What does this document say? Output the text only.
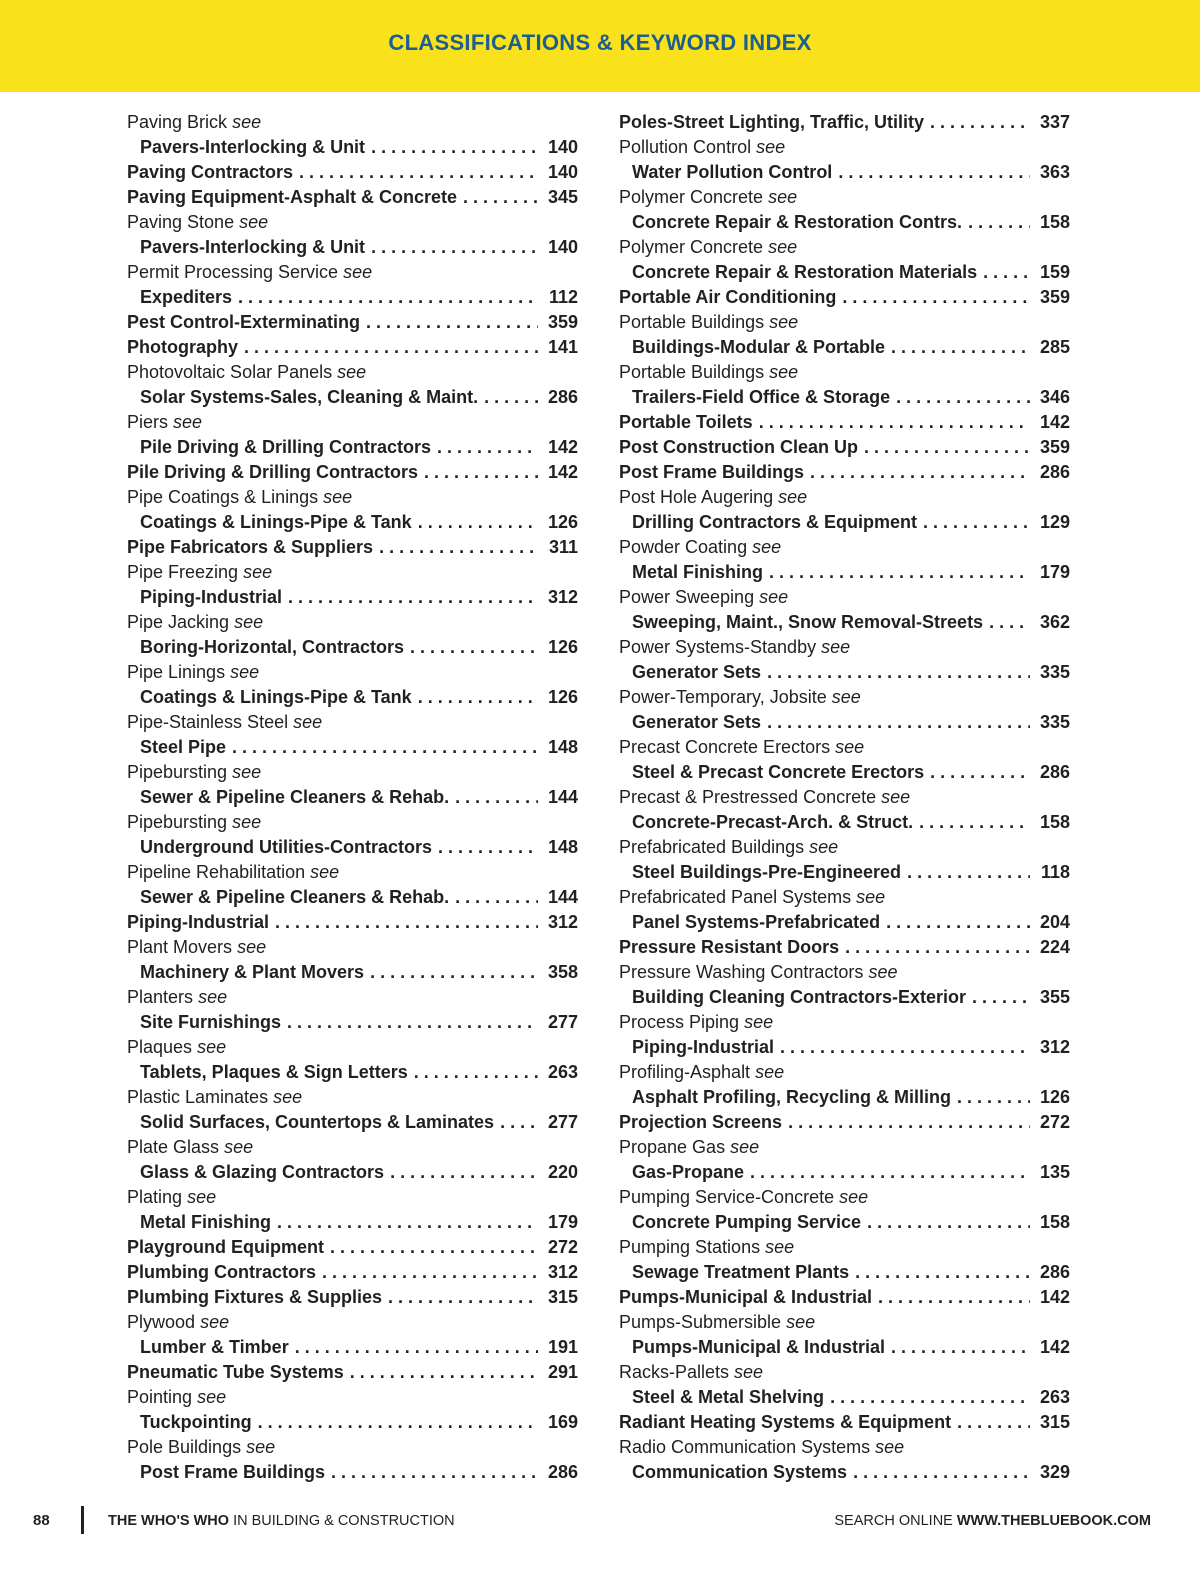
CLASSIFICATIONS & KEYWORD INDEX
Paving Brick
see
Pavers-Interlocking & Unit . . .	140
Paving Contractors . . .	140
Paving Equipment-Asphalt & Concrete . . .	345
Paving Stone
see
Pavers-Interlocking & Unit . . .	140
Permit Processing Service
see
Expediters . . .	112
Pest Control-Exterminating . . .	359
Photography . . .	141
Photovoltaic Solar Panels
see
Solar Systems-Sales, Cleaning & Maint. . . .	286
Piers
see
Pile Driving & Drilling Contractors . . .	142
Pile Driving & Drilling Contractors . . .	142
Pipe Coatings & Linings
see
Coatings & Linings-Pipe & Tank . . .	126
Pipe Fabricators & Suppliers . . .	311
Pipe Freezing
see
Piping-Industrial . . .	312
Pipe Jacking
see
Boring-Horizontal, Contractors . . .	126
Pipe Linings
see
Coatings & Linings-Pipe & Tank . . .	126
Pipe-Stainless Steel
see
Steel Pipe . . .	148
Pipebursting
see
Sewer & Pipeline Cleaners & Rehab. . . .	144
Pipebursting
see
Underground Utilities-Contractors . . .	148
Pipeline Rehabilitation
see
Sewer & Pipeline Cleaners & Rehab. . . .	144
Piping-Industrial . . .	312
Plant Movers
see
Machinery & Plant Movers . . .	358
Planters
see
Site Furnishings . . .	277
Plaques
see
Tablets, Plaques & Sign Letters . . .	263
Plastic Laminates
see
Solid Surfaces, Countertops & Laminates . . .	277
Plate Glass
see
Glass & Glazing Contractors . . .	220
Plating
see
Metal Finishing . . .	179
Playground Equipment . . .	272
Plumbing Contractors . . .	312
Plumbing Fixtures & Supplies . . .	315
Plywood
see
Lumber & Timber . . .	191
Pneumatic Tube Systems . . .	291
Pointing
see
Tuckpointing . . .	169
Pole Buildings
see
Post Frame Buildings . . .	286
Poles-Street Lighting, Traffic, Utility . . .	337
Pollution Control
see
Water Pollution Control . . .	363
Polymer Concrete
see
Concrete Repair & Restoration Contrs. . . .	158
Polymer Concrete
see
Concrete Repair & Restoration Materials . . .	159
Portable Air Conditioning . . .	359
Portable Buildings
see
Buildings-Modular & Portable . . .	285
Portable Buildings
see
Trailers-Field Office & Storage . . .	346
Portable Toilets . . .	142
Post Construction Clean Up . . .	359
Post Frame Buildings . . .	286
Post Hole Augering
see
Drilling Contractors & Equipment . . .	129
Powder Coating
see
Metal Finishing . . .	179
Power Sweeping
see
Sweeping, Maint., Snow Removal-Streets . . .	362
Power Systems-Standby
see
Generator Sets . . .	335
Power-Temporary, Jobsite
see
Generator Sets . . .	335
Precast Concrete Erectors
see
Steel & Precast Concrete Erectors . . .	286
Precast & Prestressed Concrete
see
Concrete-Precast-Arch. & Struct. . . .	158
Prefabricated Buildings
see
Steel Buildings-Pre-Engineered . . .	118
Prefabricated Panel Systems
see
Panel Systems-Prefabricated . . .	204
Pressure Resistant Doors . . .	224
Pressure Washing Contractors
see
Building Cleaning Contractors-Exterior . . .	355
Process Piping
see
Piping-Industrial . . .	312
Profiling-Asphalt
see
Asphalt Profiling, Recycling & Milling . . .	126
Projection Screens . . .	272
Propane Gas
see
Gas-Propane . . .	135
Pumping Service-Concrete
see
Concrete Pumping Service . . .	158
Pumping Stations
see
Sewage Treatment Plants . . .	286
Pumps-Municipal & Industrial . . .	142
Pumps-Submersible
see
Pumps-Municipal & Industrial . . .	142
Racks-Pallets
see
Steel & Metal Shelving . . .	263
Radiant Heating Systems & Equipment . . .	315
Radio Communication Systems
see
Communication Systems . . .	329
88	THE WHO'S WHO IN BUILDING & CONSTRUCTION	SEARCH ONLINE WWW.THEBLUEBOOK.COM
